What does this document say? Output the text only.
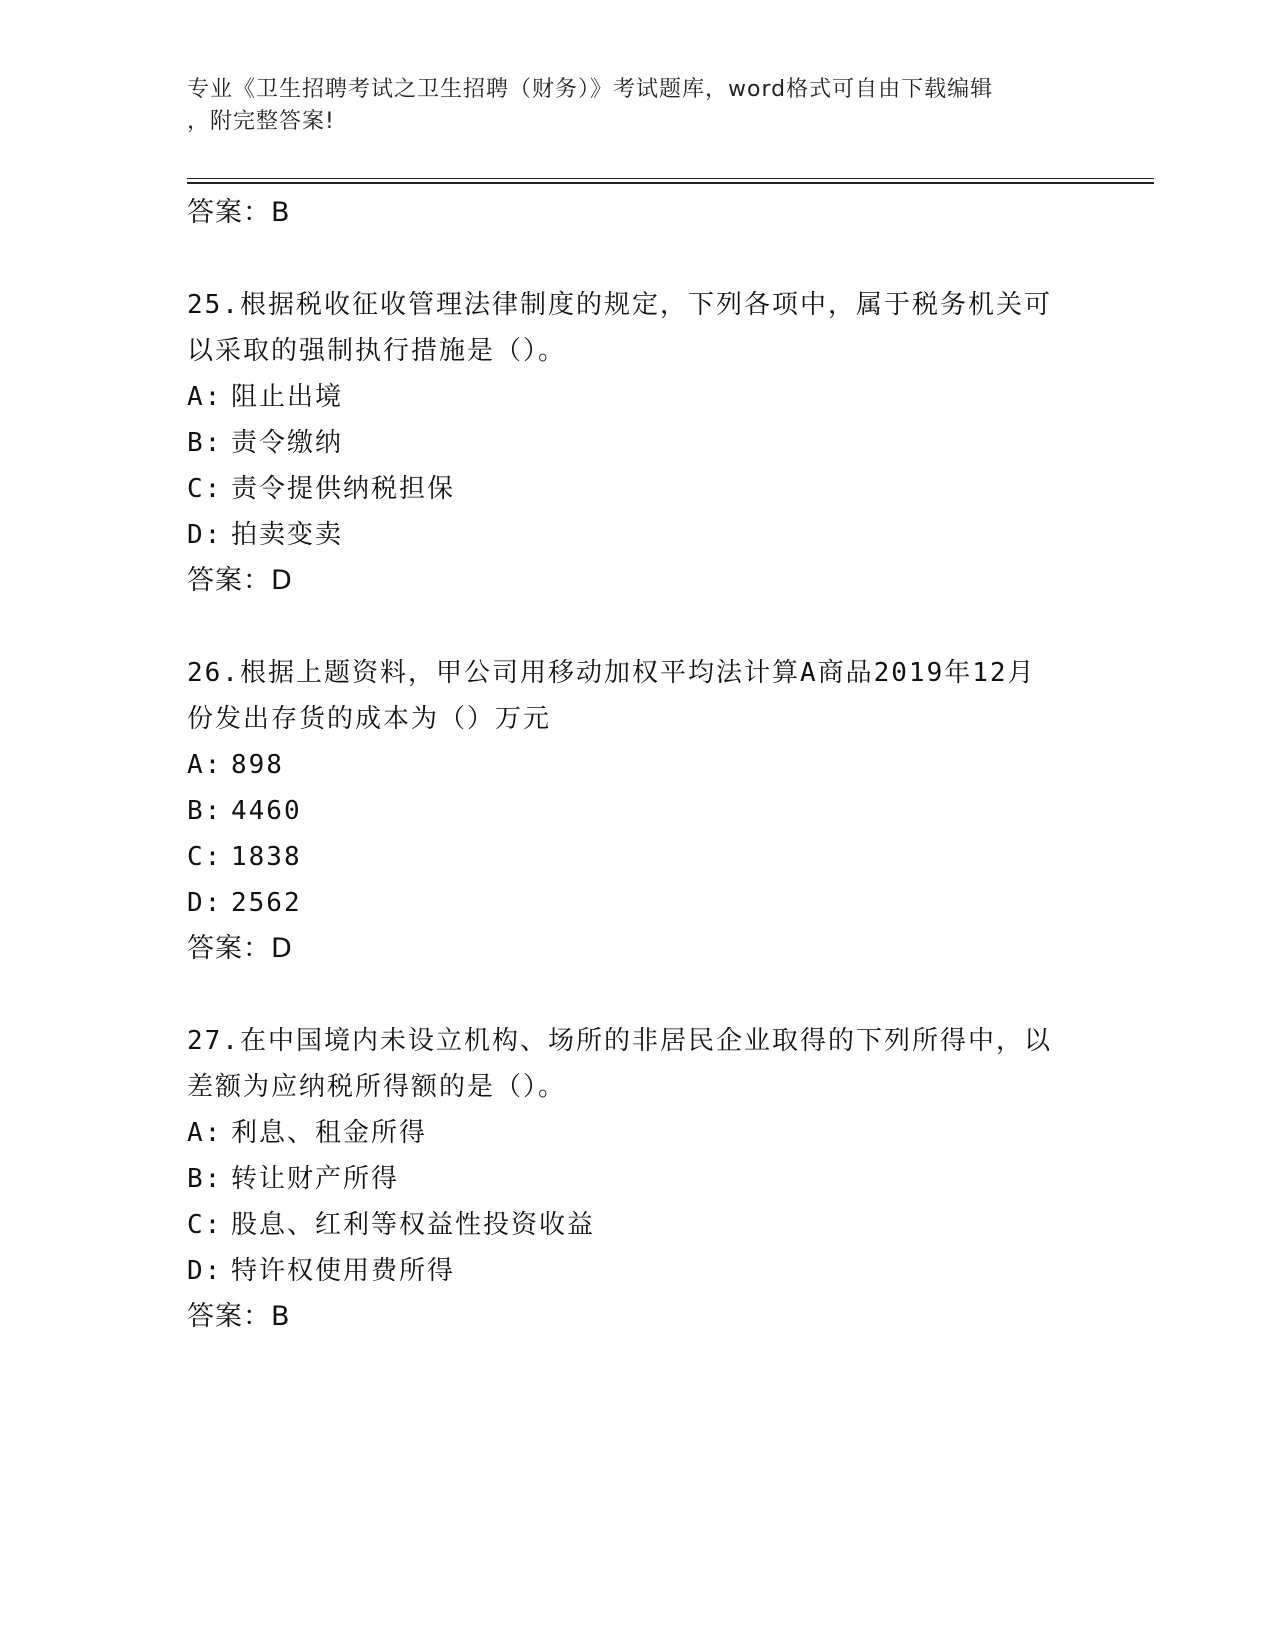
专业《卫生招聘考试之卫生招聘（财务）》考试题库，word格式可自由下载编辑
，附完整答案!
答案：B
25.根据税收征收管理法律制度的规定，下列各项中，属于税务机关可
以采取的强制执行措施是（）。
A: 阻止出境
B: 责令缴纳
C: 责令提供纳税担保
D: 拍卖变卖
答案：D
26.根据上题资料，甲公司用移动加权平均法计算A商品2019年12月
份发出存货的成本为（）万元
A: 898
B: 4460
C: 1838
D: 2562
答案：D
27.在中国境内未设立机构、场所的非居民企业取得的下列所得中，以
差额为应纳税所得额的是（）。
A: 利息、租金所得
B: 转让财产所得
C: 股息、红利等权益性投资收益
D: 特许权使用费所得
答案：B
